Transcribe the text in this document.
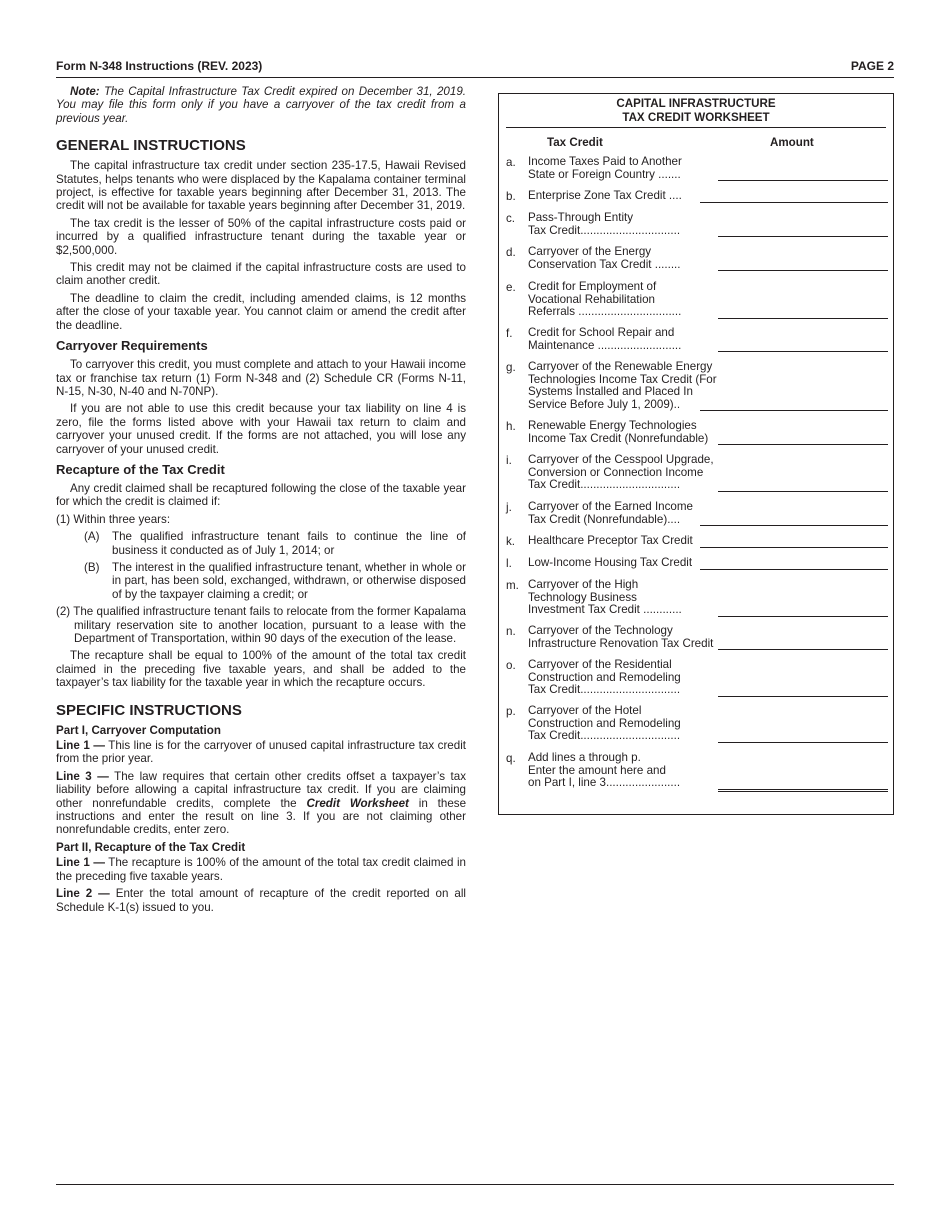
Form N-348 Instructions (REV. 2023)	PAGE 2

Note: The Capital Infrastructure Tax Credit expired on December 31, 2019. You may file this form only if you have a carryover of the tax credit from a previous year.

GENERAL INSTRUCTIONS

The capital infrastructure tax credit under section 235-17.5, Hawaii Revised Statutes, helps tenants who were displaced by the Kapalama container terminal project, is effective for taxable years beginning after December 31, 2013. The credit will not be available for taxable years beginning after December 31, 2019.

The tax credit is the lesser of 50% of the capital infrastructure costs paid or incurred by a qualified infrastructure tenant during the taxable year or $2,500,000.

This credit may not be claimed if the capital infrastructure costs are used to claim another credit.

The deadline to claim the credit, including amended claims, is 12 months after the close of your taxable year. You cannot claim or amend the credit after the deadline.

Carryover Requirements

To carryover this credit, you must complete and attach to your Hawaii income tax or franchise tax return (1) Form N-348 and (2) Schedule CR (Forms N-11, N-15, N-30, N-40 and N-70NP).

If you are not able to use this credit because your tax liability on line 4 is zero, file the forms listed above with your Hawaii tax return to claim and carryover your unused credit. If the forms are not attached, you will lose any carryover of your unused credit.

Recapture of the Tax Credit

Any credit claimed shall be recaptured following the close of the taxable year for which the credit is claimed if:

(1) Within three years:

(A)	The qualified infrastructure tenant fails to continue the line of business it conducted as of July 1, 2014; or
(B)	The interest in the qualified infrastructure tenant, whether in whole or in part, has been sold, exchanged, withdrawn, or otherwise disposed of by the taxpayer claiming a credit; or

(2) The qualified infrastructure tenant fails to relocate from the former Kapalama military reservation site to another location, pursuant to a lease with the Department of Transportation, within 90 days of the execution of the lease.

The recapture shall be equal to 100% of the amount of the total tax credit claimed in the preceding five taxable years, and shall be added to the taxpayer’s tax liability for the taxable year in which the recapture occurs.

SPECIFIC INSTRUCTIONS
Part I, Carryover Computation

Line 1 — This line is for the carryover of unused capital infrastructure tax credit from the prior year.

Line 3 — The law requires that certain other credits offset a taxpayer’s tax liability before allowing a capital infrastructure tax credit. If you are claiming other nonrefundable credits, complete the Credit Worksheet in these instructions and enter the result on line 3. If you are not claiming other nonrefundable credits, enter zero.

Part II, Recapture of the Tax Credit

Line 1 — The recapture is 100% of the amount of the total tax credit claimed in the preceding five taxable years.

Line 2 — Enter the total amount of recapture of the credit reported on all Schedule K-1(s) issued to you.

CAPITAL INFRASTRUCTURE
TAX CREDIT WORKSHEET
Tax Credit	Amount
a.	Income Taxes Paid to Another
State or Foreign Country .......
b.	Enterprise Zone Tax Credit ....
c.	Pass-Through Entity
Tax Credit...............................
d.	Carryover of the Energy
Conservation Tax Credit ........
e.	Credit for Employment of
Vocational Rehabilitation
Referrals ................................
f.	Credit for School Repair and
Maintenance ..........................
g.	Carryover of the Renewable Energy
Technologies Income Tax Credit (For
Systems Installed and Placed In
Service Before July 1, 2009)..
h.	Renewable Energy Technologies
Income Tax Credit (Nonrefundable)
i.	Carryover of the Cesspool Upgrade,
Conversion or Connection Income
Tax Credit...............................
j.	Carryover of the Earned Income
Tax Credit (Nonrefundable)....
k.	Healthcare Preceptor Tax Credit
l.	Low-Income Housing Tax Credit
m. Carryover of the High
Technology Business
Investment Tax Credit ............
n.	Carryover of the Technology
Infrastructure Renovation Tax Credit
o.	Carryover of the Residential
Construction and Remodeling
Tax Credit...............................
p.	Carryover of the Hotel
Construction and Remodeling
Tax Credit...............................
q.	Add lines a through p.
Enter the amount here and
on Part I, line 3.......................
